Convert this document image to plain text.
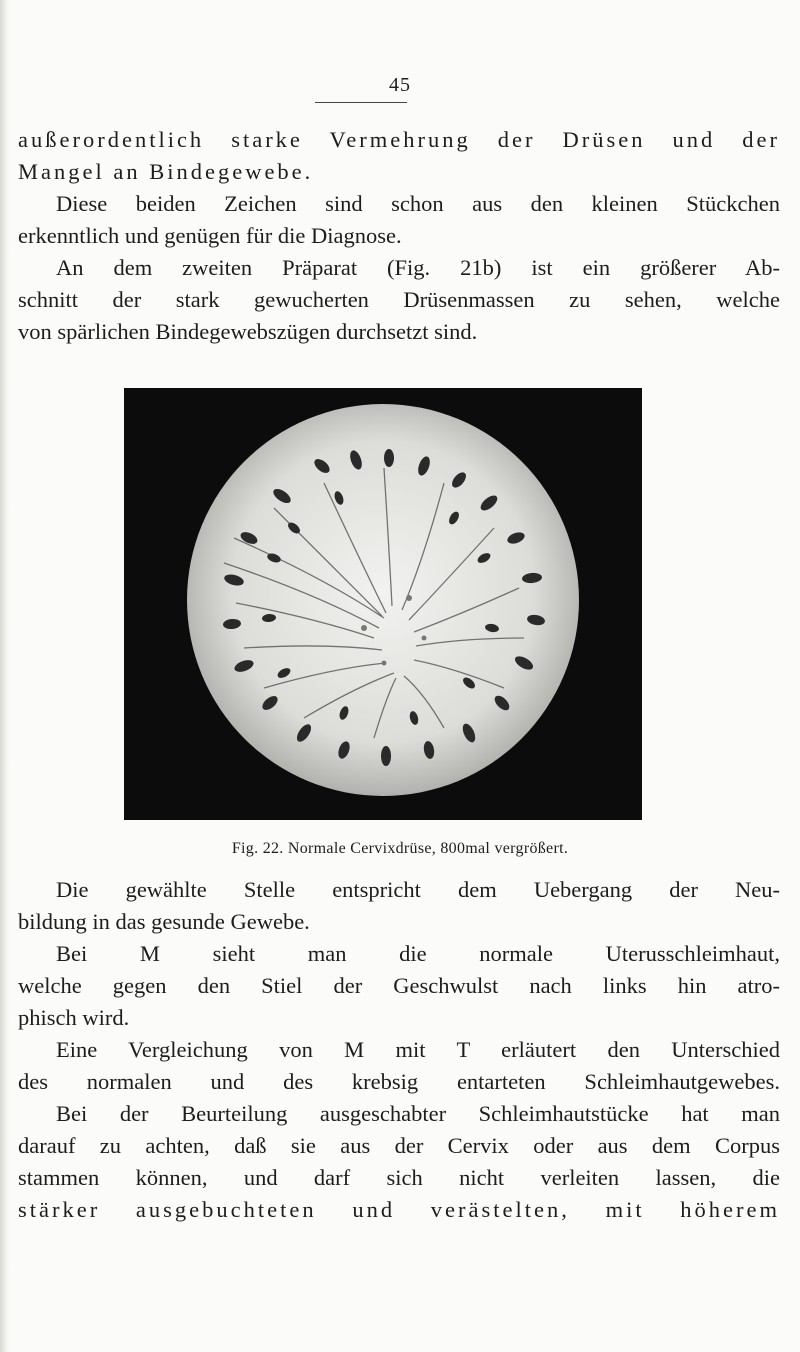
45
außerordentlich starke Vermehrung der Drüsen und der
Mangel an Bindegewebe.
Diese beiden Zeichen sind schon aus den kleinen Stückchen
erkenntlich und genügen für die Diagnose.
An dem zweiten Präparat (Fig. 21b) ist ein größerer Ab-
schnitt der stark gewucherten Drüsenmassen zu sehen, welche
von spärlichen Bindegewebszügen durchsetzt sind.
Fig. 22. Normale Cervixdrüse, 800mal vergrößert.
Die gewählte Stelle entspricht dem Uebergang der Neu-
bildung in das gesunde Gewebe.
Bei M sieht man die normale Uterusschleimhaut,
welche gegen den Stiel der Geschwulst nach links hin atro-
phisch wird.
Eine Vergleichung von M mit T erläutert den Unterschied
des normalen und des krebsig entarteten Schleimhautgewebes.
Bei der Beurteilung ausgeschabter Schleimhautstücke hat man
darauf zu achten, daß sie aus der Cervix oder aus dem Corpus
stammen können, und darf sich nicht verleiten lassen, die
stärker ausgebuchteten und verästelten, mit höherem
